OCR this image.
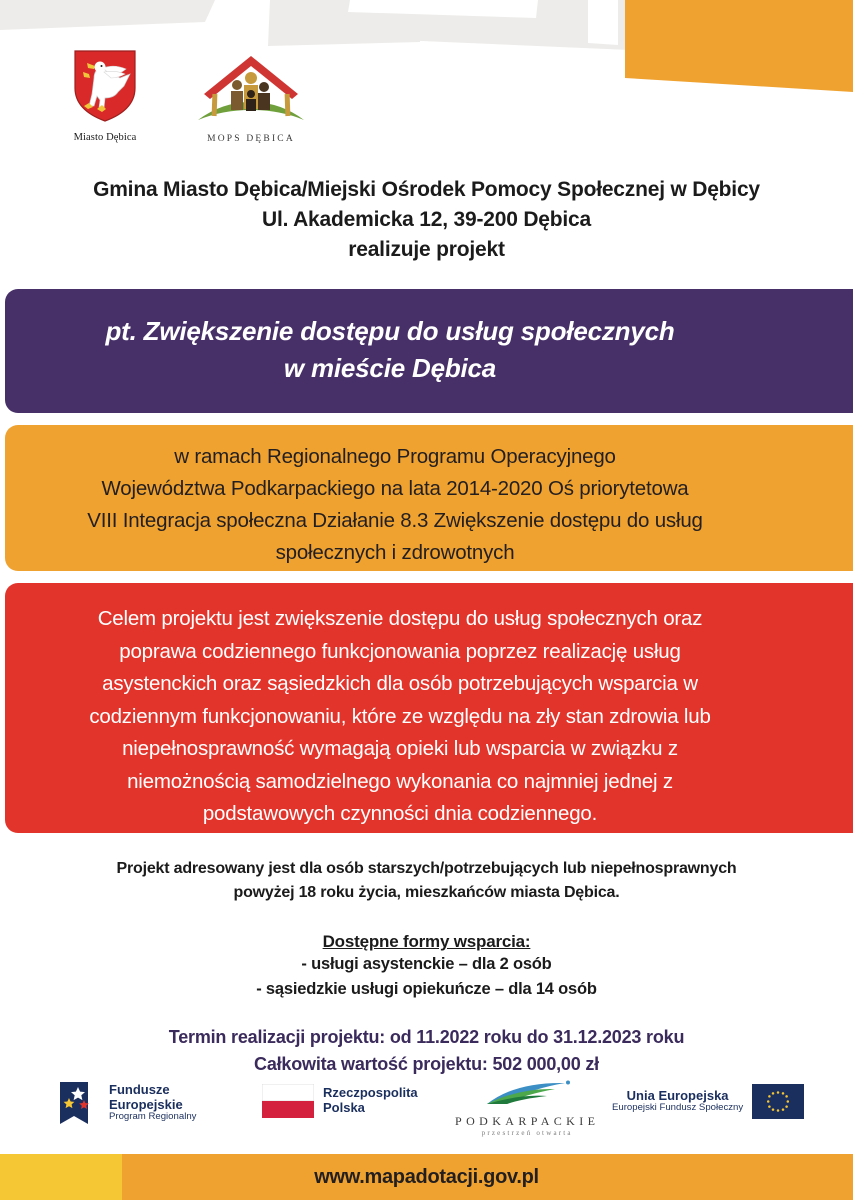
Miasto Dębica	MOPS DĘBICA
Gmina Miasto Dębica/Miejski Ośrodek Pomocy Społecznej w Dębicy
Ul. Akademicka 12, 39-200 Dębica
realizuje projekt
pt. Zwiększenie dostępu do usług społecznych
w mieście Dębica
w ramach Regionalnego Programu Operacyjnego
Województwa Podkarpackiego na lata 2014-2020 Oś priorytetowa
VIII Integracja społeczna Działanie 8.3 Zwiększenie dostępu do usług
społecznych i zdrowotnych
Celem projektu jest zwiększenie dostępu do usług społecznych oraz
poprawa codziennego funkcjonowania poprzez realizację usług
asystenckich oraz sąsiedzkich dla osób potrzebujących wsparcia w
codziennym funkcjonowaniu, które ze względu na zły stan zdrowia lub
niepełnosprawność wymagają opieki lub wsparcia w związku z
niemożnością samodzielnego wykonania co najmniej jednej z
podstawowych czynności dnia codziennego.
Projekt adresowany jest dla osób starszych/potrzebujących lub niepełnosprawnych
powyżej 18 roku życia, mieszkańców miasta Dębica.
Dostępne formy wsparcia:
- usługi asystenckie – dla 2 osób
- sąsiedzkie usługi opiekuńcze – dla 14 osób
Termin realizacji projektu: od 11.2022 roku do 31.12.2023 roku
Całkowita wartość projektu: 502 000,00 zł
Fundusze
Europejskie
Program Regionalny
Rzeczpospolita
Polska
PODKARPACKIE
przestrzeń otwarta
Unia Europejska
Europejski Fundusz Społeczny
www.mapadotacji.gov.pl
